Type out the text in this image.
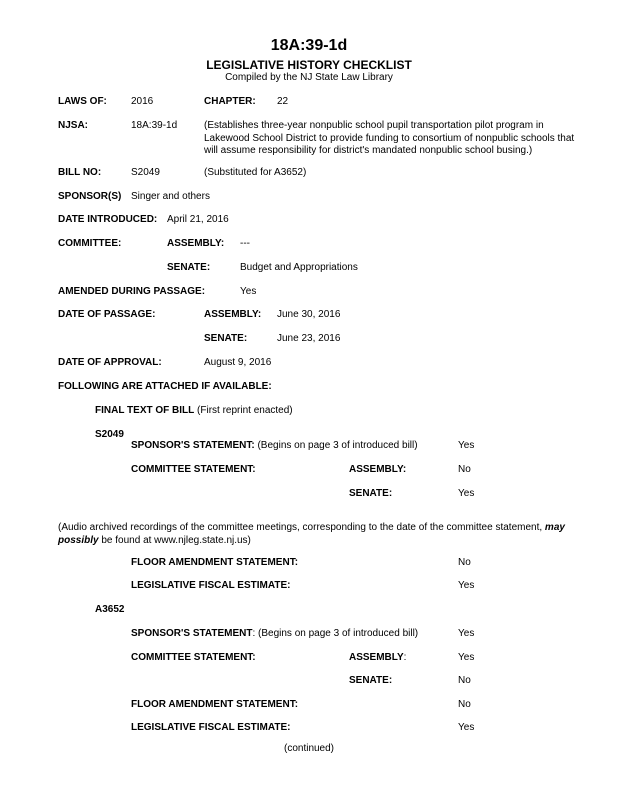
18A:39-1d
LEGISLATIVE HISTORY CHECKLIST
Compiled by the NJ State Law Library
LAWS OF: 2016	CHAPTER: 22
NJSA:	18A:39-1d	(Establishes three-year nonpublic school pupil transportation pilot program in Lakewood School District to provide funding to consortium of nonpublic schools that will assume responsibility for district's mandated nonpublic school busing.)
BILL NO:	S2049	(Substituted for A3652)
SPONSOR(S) Singer and others
DATE INTRODUCED: April 21, 2016
COMMITTEE:	ASSEMBLY: ---
SENATE:	Budget and Appropriations
AMENDED DURING PASSAGE:	Yes
DATE OF PASSAGE:	ASSEMBLY: June 30, 2016
SENATE:	June 23, 2016
DATE OF APPROVAL:	August 9, 2016
FOLLOWING ARE ATTACHED IF AVAILABLE:
FINAL TEXT OF BILL (First reprint enacted)
S2049
SPONSOR'S STATEMENT: (Begins on page 3 of introduced bill)	Yes
COMMITTEE STATEMENT:	ASSEMBLY:	No
SENATE:	Yes
(Audio archived recordings of the committee meetings, corresponding to the date of the committee statement, may possibly be found at www.njleg.state.nj.us)
FLOOR AMENDMENT STATEMENT:	No
LEGISLATIVE FISCAL ESTIMATE:	Yes
A3652
SPONSOR'S STATEMENT: (Begins on page 3 of introduced bill)	Yes
COMMITTEE STATEMENT:	ASSEMBLY:	Yes
SENATE:	No
FLOOR AMENDMENT STATEMENT:	No
LEGISLATIVE FISCAL ESTIMATE:	Yes
(continued)
